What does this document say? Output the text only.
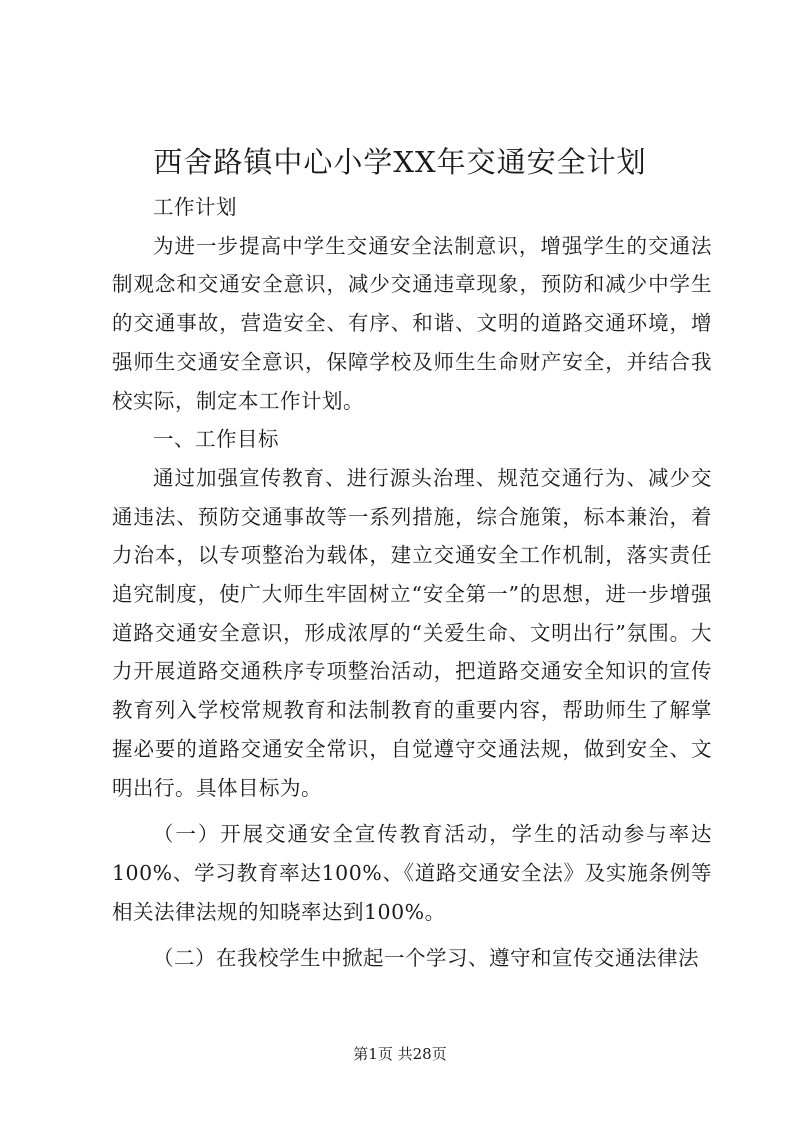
西舍路镇中心小学XX年交通安全计划

工作计划

为进一步提高中学生交通安全法制意识，增强学生的交通法制观念和交通安全意识，减少交通违章现象，预防和减少中学生的交通事故，营造安全、有序、和谐、文明的道路交通环境，增强师生交通安全意识，保障学校及师生生命财产安全，并结合我校实际，制定本工作计划。

一、工作目标

通过加强宣传教育、进行源头治理、规范交通行为、减少交通违法、预防交通事故等一系列措施，综合施策，标本兼治，着力治本，以专项整治为载体，建立交通安全工作机制，落实责任追究制度，使广大师生牢固树立“安全第一”的思想，进一步增强道路交通安全意识，形成浓厚的“关爱生命、文明出行”氛围。大力开展道路交通秩序专项整治活动，把道路交通安全知识的宣传教育列入学校常规教育和法制教育的重要内容，帮助师生了解掌握必要的道路交通安全常识，自觉遵守交通法规，做到安全、文明出行。具体目标为。

（一）开展交通安全宣传教育活动，学生的活动参与率达100%、学习教育率达100%、《道路交通安全法》及实施条例等相关法律法规的知晓率达到100%。

（二）在我校学生中掀起一个学习、遵守和宣传交通法律法

第1页 共28页
